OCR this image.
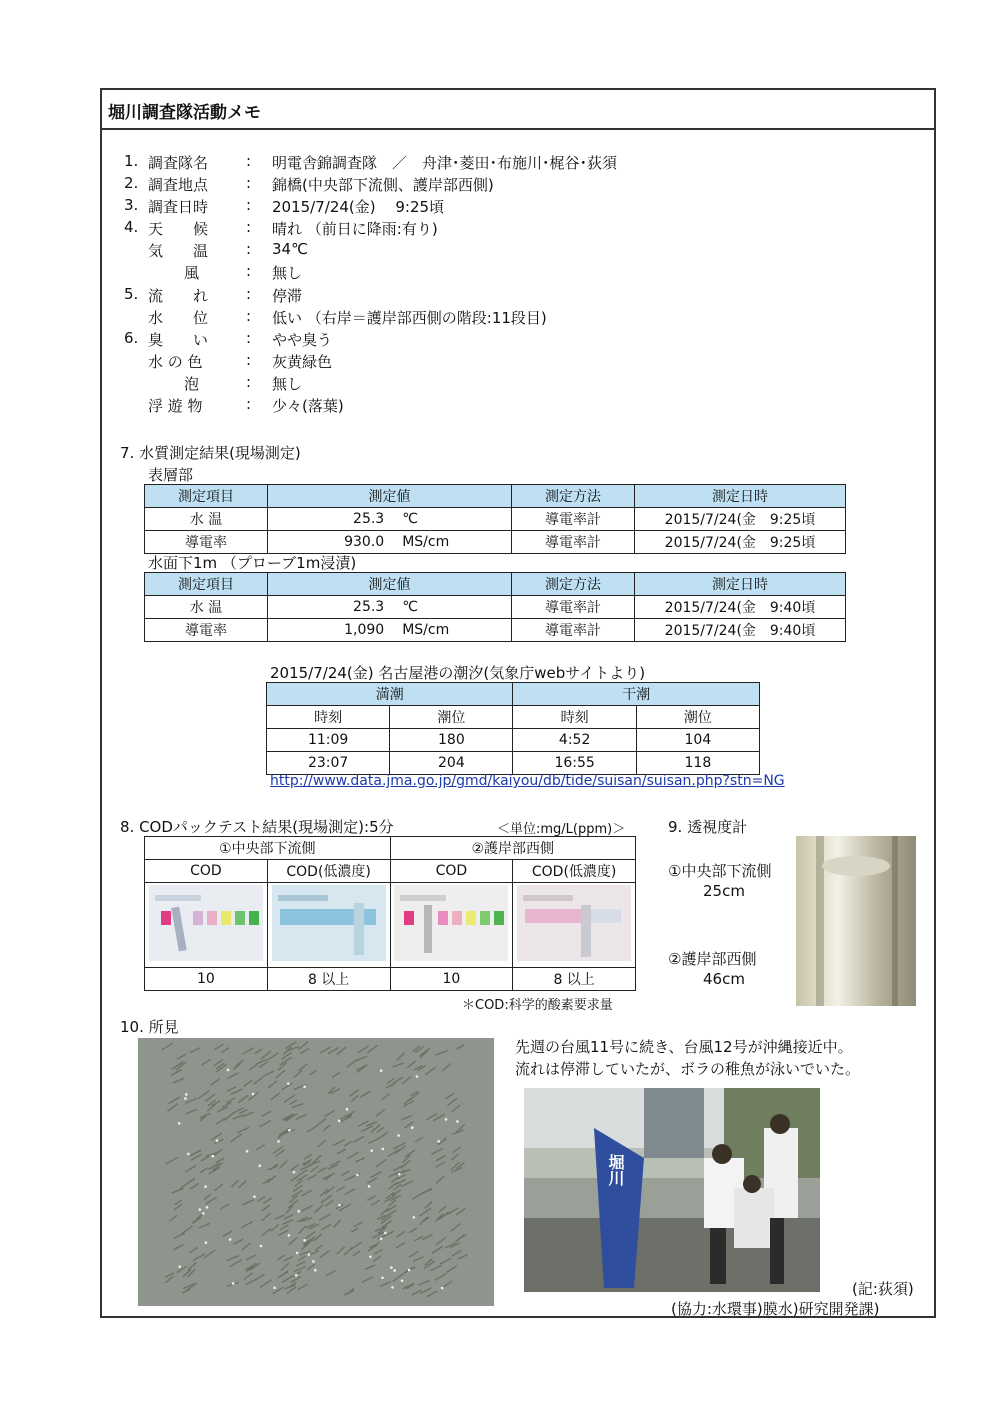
堀川調査隊活動メモ
1. 調査隊名	: 明電舎錦調査隊　／　舟津･菱田･布施川･梶谷･荻須
2. 調査地点	: 錦橋(中央部下流側、護岸部西側)
3. 調査日時	: 2015/7/24(金)　 9:25頃
4. 天　　候	: 晴れ （前日に降雨:有り)
気　　温	: 34℃
風	: 無し
5. 流　　れ	: 停滞
水　　位	: 低い （右岸＝護岸部西側の階段:11段目)
6. 臭　　い	: やや臭う
水 の 色	: 灰黄緑色
泡	: 無し
浮 遊 物	: 少々(落葉)
7. 水質測定結果(現場測定)
表層部
測定項目	測定値		測定方法	測定日時
水 温	25.3	℃	導電率計	2015/7/24(金　9:25頃
導電率	930.0	MS/cm	導電率計	2015/7/24(金　9:25頃
水面下1m （プローブ1m浸漬)
測定項目	測定値		測定方法	測定日時
水 温	25.3	℃	導電率計	2015/7/24(金　9:40頃
導電率	1,090	MS/cm	導電率計	2015/7/24(金　9:40頃
2015/7/24(金) 名古屋港の潮汐(気象庁webサイトより)
満潮		干潮	
時刻	潮位	時刻	潮位
11:09	180	4:52	104
23:07	204	16:55	118
http://www.data.jma.go.jp/gmd/kaiyou/db/tide/suisan/suisan.php?stn=NG
8. CODパックテスト結果(現場測定):5分	＜単位:mg/L(ppm)＞
①中央部下流側		②護岸部西側	
COD	COD(低濃度)	COD	COD(低濃度)

10	8 以上	10	8 以上
＊COD:科学的酸素要求量
9. 透視度計
①中央部下流側
25cm
②護岸部西側
46cm
10. 所見
先週の台風11号に続き、台風12号が沖縄接近中。
流れは停滞していたが、ボラの稚魚が泳いでいた。
堀川
(記:荻須)
(協力:水環事)膜水)研究開発課)
